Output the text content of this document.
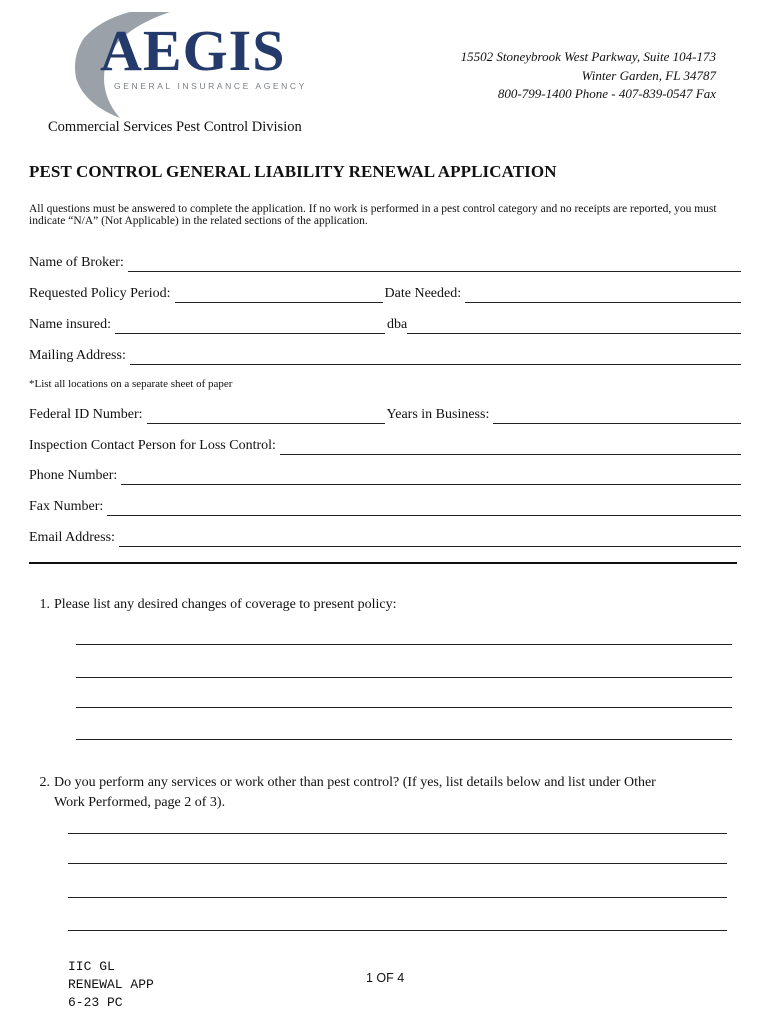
AEGIS
GENERAL INSURANCE AGENCY
15502 Stoneybrook West Parkway, Suite 104-173
Winter Garden, FL 34787
800-799-1400 Phone - 407-839-0547 Fax
Commercial Services Pest Control Division
PEST CONTROL GENERAL LIABILITY RENEWAL APPLICATION
All questions must be answered to complete the application. If no work is performed in a pest control category and no receipts are reported, you must indicate “N/A” (Not Applicable) in the related sections of the application.
Name of Broker:
Requested Policy Period:	Date Needed:
Name insured:	dba
Mailing Address:
*List all locations on a separate sheet of paper
Federal ID Number:	Years in Business:
Inspection Contact Person for Loss Control:
Phone Number:
Fax Number:
Email Address:
1. Please list any desired changes of coverage to present policy:
2. Do you perform any services or work other than pest control? (If yes, list details below and list under Other
Work Performed, page 2 of 3).
IIC GL
RENEWAL APP
6-23 PC
1 OF 4
